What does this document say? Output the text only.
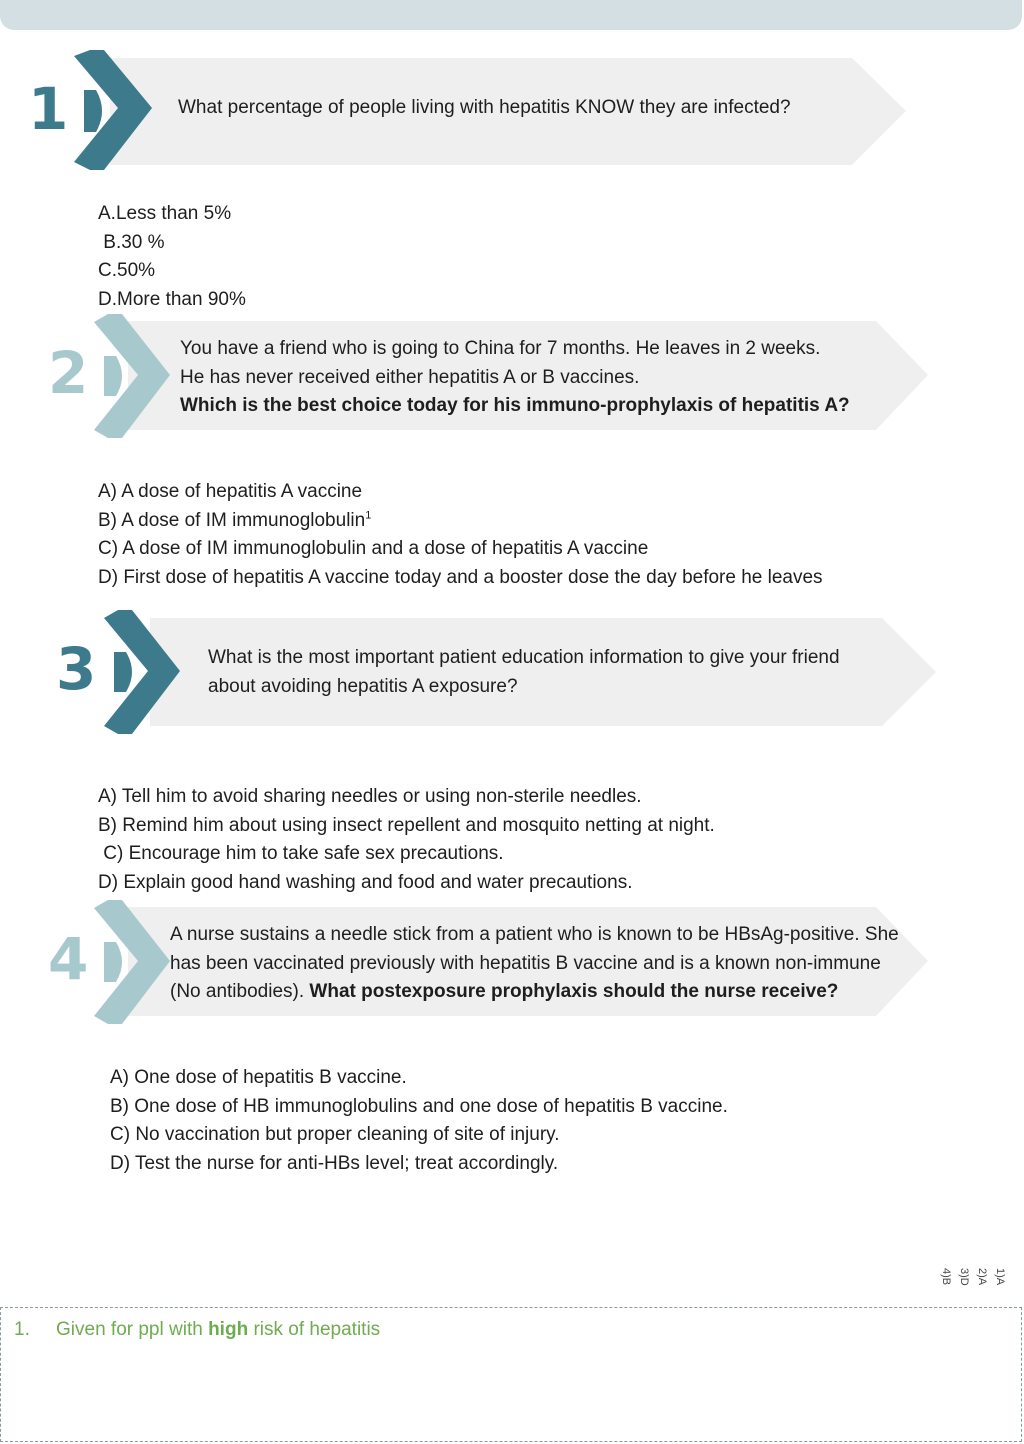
1	What percentage of people living with hepatitis KNOW they are infected?
A.Less than 5%
B.30 %
C.50%
D.More than 90%
2	You have a friend who is going to China for 7 months. He leaves in 2 weeks.
He has never received either hepatitis A or B vaccines.
Which is the best choice today for his immuno-prophylaxis of hepatitis A?
A) A dose of hepatitis A vaccine
B) A dose of IM immunoglobulin$^1$
C) A dose of IM immunoglobulin and a dose of hepatitis A vaccine
D) First dose of hepatitis A vaccine today and a booster dose the day before he leaves
3	What is the most important patient education information to give your friend
about avoiding hepatitis A exposure?
A) Tell him to avoid sharing needles or using non-sterile needles.
B) Remind him about using insect repellent and mosquito netting at night.
C) Encourage him to take safe sex precautions.
D) Explain good hand washing and food and water precautions.
4	A nurse sustains a needle stick from a patient who is known to be HBsAg-positive. She
has been vaccinated previously with hepatitis B vaccine and is a known non-immune
(No antibodies). What postexposure prophylaxis should the nurse receive?
A) One dose of hepatitis B vaccine.
B) One dose of HB immunoglobulins and one dose of hepatitis B vaccine.
C) No vaccination but proper cleaning of site of injury.
D) Test the nurse for anti-HBs level; treat accordingly.
1)A
2)A
3)D
4)B
1. Given for ppl with high risk of hepatitis
